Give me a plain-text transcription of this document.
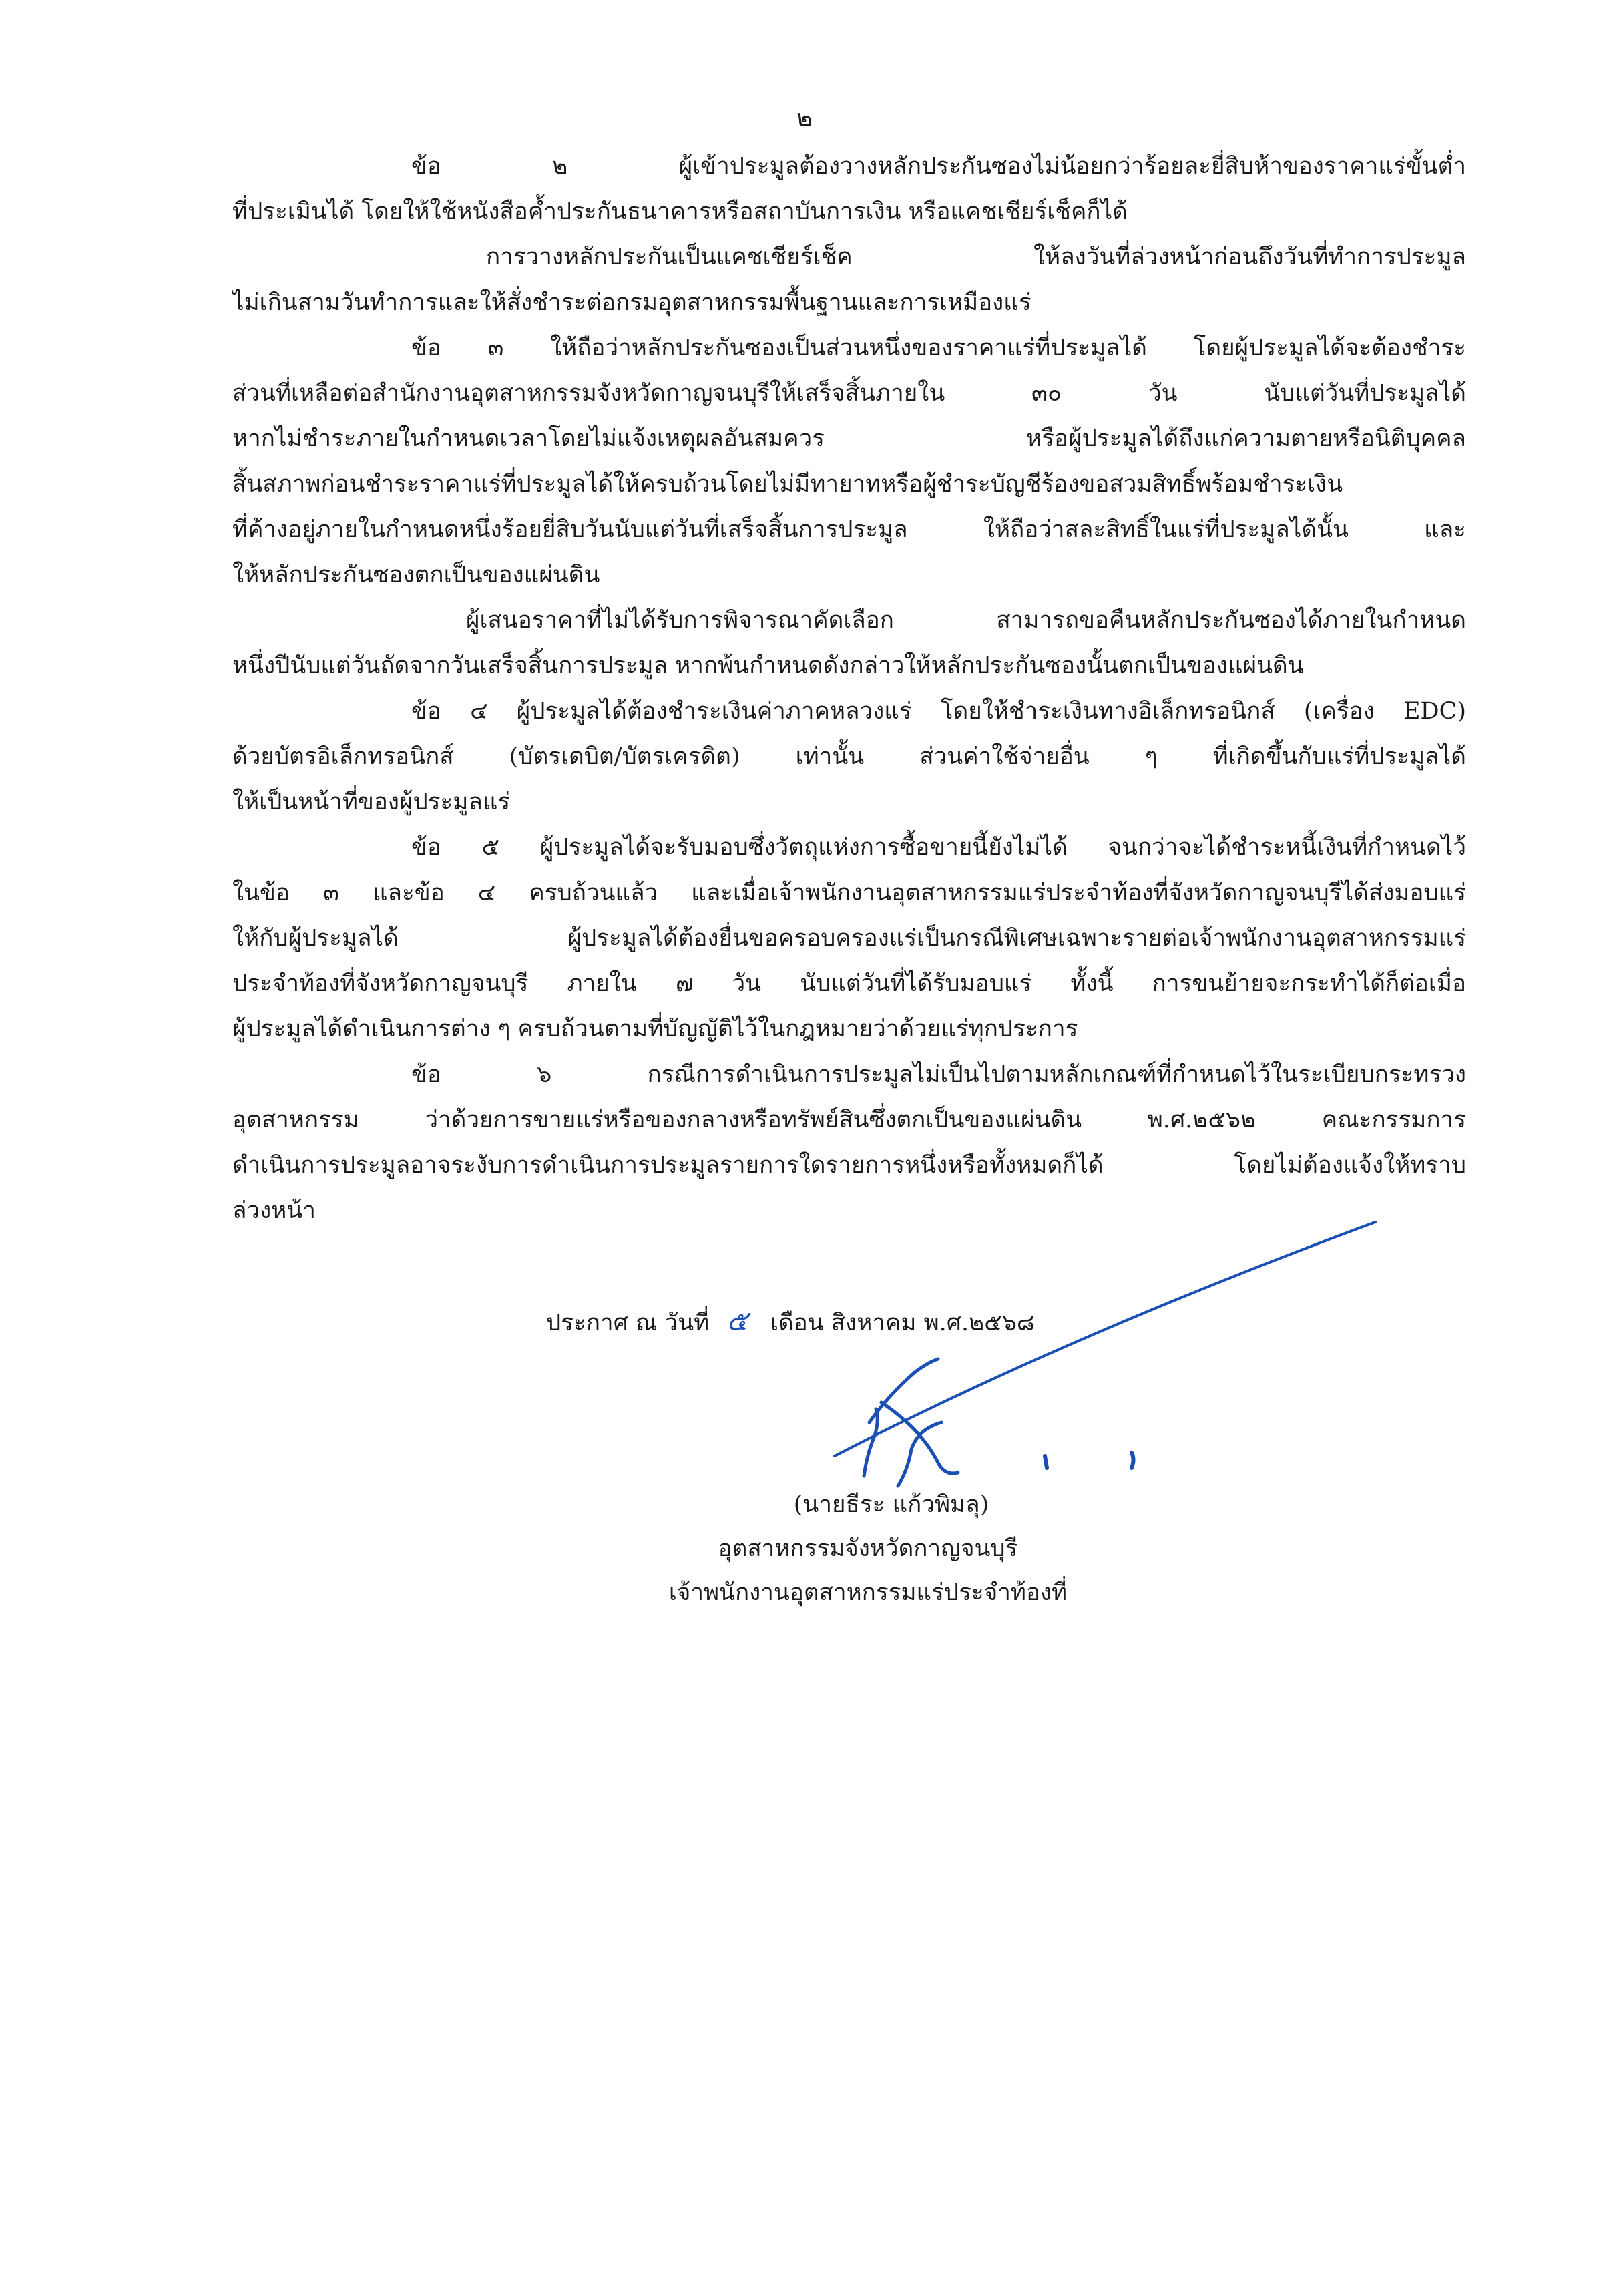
๒
ข้อ ๒ ผู้เข้าประมูลต้องวางหลักประกันซองไม่น้อยกว่าร้อยละยี่สิบห้าของราคาแร่ขั้นต่ำ
ที่ประเมินได้ โดยให้ใช้หนังสือค้ำประกันธนาคารหรือสถาบันการเงิน หรือแคชเชียร์เช็คก็ได้
การวางหลักประกันเป็นแคชเชียร์เช็ค ให้ลงวันที่ล่วงหน้าก่อนถึงวันที่ทำการประมูล
ไม่เกินสามวันทำการและให้สั่งชำระต่อกรมอุตสาหกรรมพื้นฐานและการเหมืองแร่
ข้อ ๓ ให้ถือว่าหลักประกันซองเป็นส่วนหนึ่งของราคาแร่ที่ประมูลได้ โดยผู้ประมูลได้จะต้องชำระ
ส่วนที่เหลือต่อสำนักงานอุตสาหกรรมจังหวัดกาญจนบุรีให้เสร็จสิ้นภายใน ๓๐ วัน นับแต่วันที่ประมูลได้
หากไม่ชำระภายในกำหนดเวลาโดยไม่แจ้งเหตุผลอันสมควร หรือผู้ประมูลได้ถึงแก่ความตายหรือนิติบุคคล
สิ้นสภาพก่อนชำระราคาแร่ที่ประมูลได้ให้ครบถ้วนโดยไม่มีทายาทหรือผู้ชำระบัญชีร้องขอสวมสิทธิ์พร้อมชำระเงิน
ที่ค้างอยู่ภายในกำหนดหนึ่งร้อยยี่สิบวันนับแต่วันที่เสร็จสิ้นการประมูล ให้ถือว่าสละสิทธิ์ในแร่ที่ประมูลได้นั้น และ
ให้หลักประกันซองตกเป็นของแผ่นดิน
ผู้เสนอราคาที่ไม่ได้รับการพิจารณาคัดเลือก สามารถขอคืนหลักประกันซองได้ภายในกำหนด
หนึ่งปีนับแต่วันถัดจากวันเสร็จสิ้นการประมูล หากพ้นกำหนดดังกล่าวให้หลักประกันซองนั้นตกเป็นของแผ่นดิน
ข้อ ๔ ผู้ประมูลได้ต้องชำระเงินค่าภาคหลวงแร่ โดยให้ชำระเงินทางอิเล็กทรอนิกส์ (เครื่อง EDC)
ด้วยบัตรอิเล็กทรอนิกส์ (บัตรเดบิต/บัตรเครดิต) เท่านั้น ส่วนค่าใช้จ่ายอื่น ๆ ที่เกิดขึ้นกับแร่ที่ประมูลได้
ให้เป็นหน้าที่ของผู้ประมูลแร่
ข้อ ๕ ผู้ประมูลได้จะรับมอบซึ่งวัตถุแห่งการซื้อขายนี้ยังไม่ได้ จนกว่าจะได้ชำระหนี้เงินที่กำหนดไว้
ในข้อ ๓ และข้อ ๔ ครบถ้วนแล้ว และเมื่อเจ้าพนักงานอุตสาหกรรมแร่ประจำท้องที่จังหวัดกาญจนบุรีได้ส่งมอบแร่
ให้กับผู้ประมูลได้ ผู้ประมูลได้ต้องยื่นขอครอบครองแร่เป็นกรณีพิเศษเฉพาะรายต่อเจ้าพนักงานอุตสาหกรรมแร่
ประจำท้องที่จังหวัดกาญจนบุรี ภายใน ๗ วัน นับแต่วันที่ได้รับมอบแร่ ทั้งนี้ การขนย้ายจะกระทำได้ก็ต่อเมื่อ
ผู้ประมูลได้ดำเนินการต่าง ๆ ครบถ้วนตามที่บัญญัติไว้ในกฎหมายว่าด้วยแร่ทุกประการ
ข้อ ๖ กรณีการดำเนินการประมูลไม่เป็นไปตามหลักเกณฑ์ที่กำหนดไว้ในระเบียบกระทรวง
อุตสาหกรรม ว่าด้วยการขายแร่หรือของกลางหรือทรัพย์สินซึ่งตกเป็นของแผ่นดิน พ.ศ.๒๕๖๒ คณะกรรมการ
ดำเนินการประมูลอาจระงับการดำเนินการประมูลรายการใดรายการหนึ่งหรือทั้งหมดก็ได้ โดยไม่ต้องแจ้งให้ทราบ
ล่วงหน้า
ประกาศ ณ วันที่ ๕ เดือน สิงหาคม พ.ศ.๒๕๖๘
(นายธีระ แก้วพิมลุ)
อุตสาหกรรมจังหวัดกาญจนบุรี
เจ้าพนักงานอุตสาหกรรมแร่ประจำท้องที่
